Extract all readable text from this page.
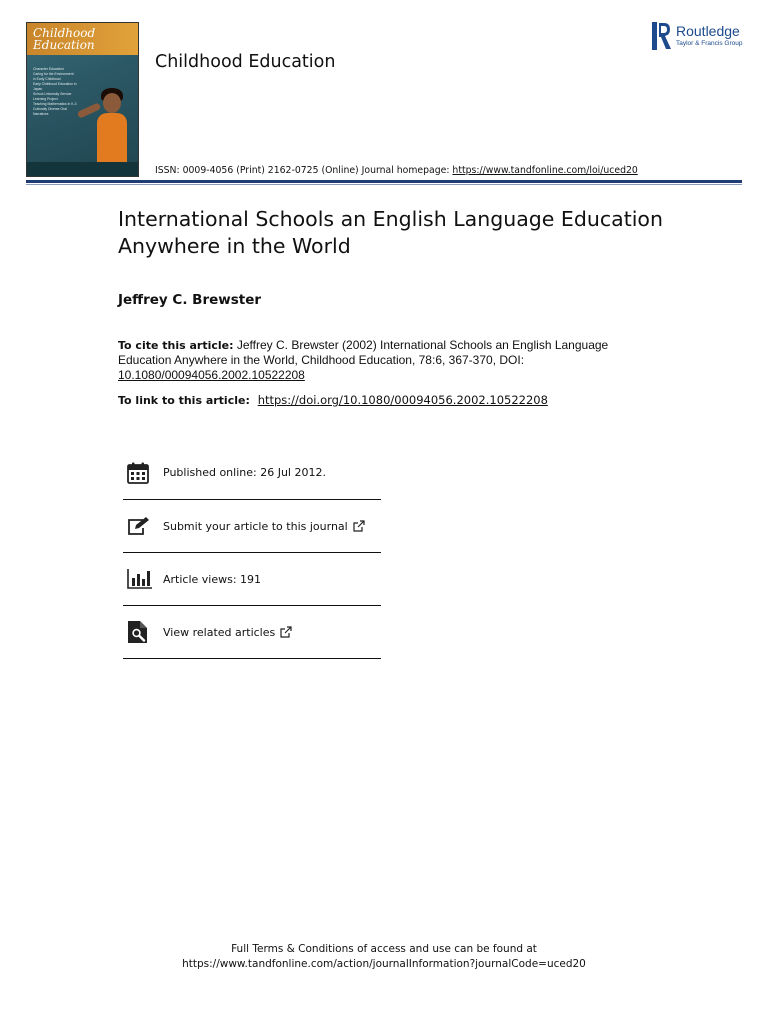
Childhood Education
Character Education
Caring for the Environment in Early Childhood
Early Childhood Education in Japan
School University Service Learning Project
Teaching Mathematics in K-3
Culturally Diverse Oral Narratives
Childhood Education
ISSN: 0009-4056 (Print) 2162-0725 (Online) Journal homepage: https://www.tandfonline.com/loi/uced20
Routledge
Taylor & Francis Group
International Schools an English Language Education Anywhere in the World
Jeffrey C. Brewster
To cite this article: Jeffrey C. Brewster (2002) International Schools an English Language Education Anywhere in the World, Childhood Education, 78:6, 367-370, DOI: 10.1080/00094056.2002.10522208
To link to this article: https://doi.org/10.1080/00094056.2002.10522208
Published online: 26 Jul 2012.
Submit your article to this journal
Article views: 191
View related articles
Full Terms & Conditions of access and use can be found at
https://www.tandfonline.com/action/journalInformation?journalCode=uced20
